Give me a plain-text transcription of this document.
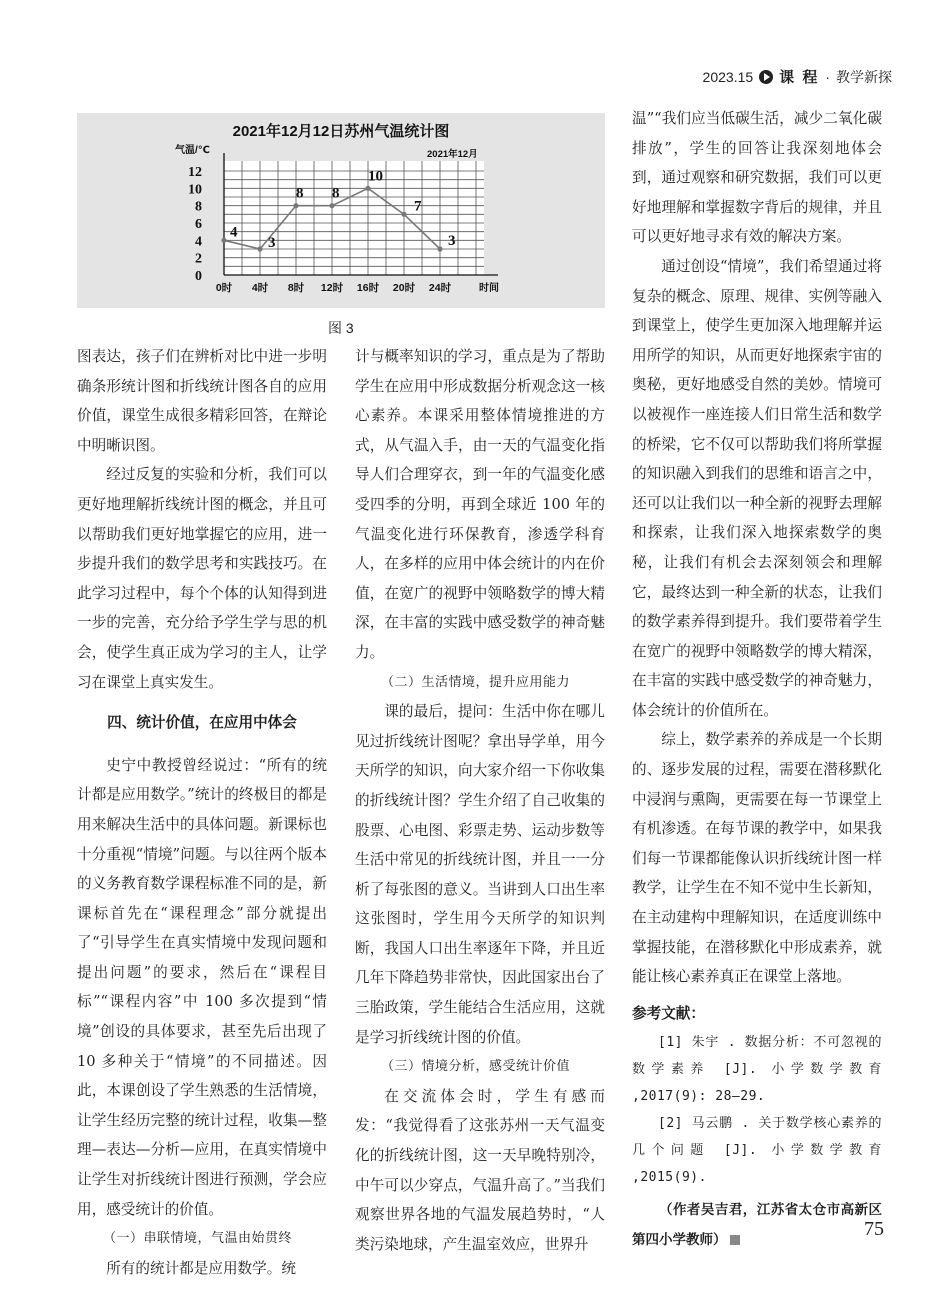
2023.15 课 程 · 教学新探
2021年12月12日苏州气温统计图
2021年12月
气温/℃
时间
0
2
4
6
8
10
12
0时 4时 8时 12时 16时 20时 24时
4
3
8 8
10
7
3
图 3

图表达，孩子们在辨析对比中进一步明确条形统计图和折线统计图各自的应用价值，课堂生成很多精彩回答，在辩论中明晰识图。

经过反复的实验和分析，我们可以更好地理解折线统计图的概念，并且可以帮助我们更好地掌握它的应用，进一步提升我们的数学思考和实践技巧。在此学习过程中，每个个体的认知得到进一步的完善，充分给予学生学与思的机会，使学生真正成为学习的主人，让学习在课堂上真实发生。

四、统计价值，在应用中体会

史宁中教授曾经说过：“所有的统计都是应用数学。”统计的终极目的都是用来解决生活中的具体问题。新课标也十分重视“情境”问题。与以往两个版本的义务教育数学课程标准不同的是，新课标首先在“课程理念”部分就提出了“引导学生在真实情境中发现问题和提出问题”的要求，然后在“课程目标”“课程内容”中 100 多次提到“情境”创设的具体要求，甚至先后出现了 10 多种关于“情境”的不同描述。因此，本课创设了学生熟悉的生活情境，让学生经历完整的统计过程，收集—整理—表达—分析—应用，在真实情境中让学生对折线统计图进行预测，学会应用，感受统计的价值。

（一）串联情境，气温由始贯终

所有的统计都是应用数学。统

计与概率知识的学习，重点是为了帮助学生在应用中形成数据分析观念这一核心素养。本课采用整体情境推进的方式，从气温入手，由一天的气温变化指导人们合理穿衣，到一年的气温变化感受四季的分明，再到全球近 100 年的气温变化进行环保教育，渗透学科育人，在多样的应用中体会统计的内在价值，在宽广的视野中领略数学的博大精深，在丰富的实践中感受数学的神奇魅力。

（二）生活情境，提升应用能力

课的最后，提问：生活中你在哪儿见过折线统计图呢？拿出导学单，用今天所学的知识，向大家介绍一下你收集的折线统计图？学生介绍了自己收集的股票、心电图、彩票走势、运动步数等生活中常见的折线统计图，并且一一分析了每张图的意义。当讲到人口出生率这张图时，学生用今天所学的知识判断，我国人口出生率逐年下降，并且近几年下降趋势非常快，因此国家出台了三胎政策，学生能结合生活应用，这就是学习折线统计图的价值。

（三）情境分析，感受统计价值

在交流体会时，学生有感而发：“我觉得看了这张苏州一天气温变化的折线统计图，这一天早晚特别冷，中午可以少穿点，气温升高了。”当我们观察世界各地的气温发展趋势时，“人类污染地球，产生温室效应，世界升

温”“我们应当低碳生活，减少二氧化碳排放”，学生的回答让我深刻地体会到，通过观察和研究数据，我们可以更好地理解和掌握数字背后的规律，并且可以更好地寻求有效的解决方案。

通过创设“情境”，我们希望通过将复杂的概念、原理、规律、实例等融入到课堂上，使学生更加深入地理解并运用所学的知识，从而更好地探索宇宙的奥秘，更好地感受自然的美妙。情境可以被视作一座连接人们日常生活和数学的桥梁，它不仅可以帮助我们将所掌握的知识融入到我们的思维和语言之中，还可以让我们以一种全新的视野去理解和探索，让我们深入地探索数学的奥秘，让我们有机会去深刻领会和理解它，最终达到一种全新的状态，让我们的数学素养得到提升。我们要带着学生在宽广的视野中领略数学的博大精深，在丰富的实践中感受数学的神奇魅力，体会统计的价值所在。

综上，数学素养的养成是一个长期的、逐步发展的过程，需要在潜移默化中浸润与熏陶，更需要在每一节课堂上有机渗透。在每节课的教学中，如果我们每一节课都能像认识折线统计图一样教学，让学生在不知不觉中生长新知，在主动建构中理解知识，在适度训练中掌握技能，在潜移默化中形成素养，就能让核心素养真正在课堂上落地。

参考文献：

[1] 朱宇 . 数据分析：不可忽视的数学素养 [J]. 小学数学教育 ,2017(9): 28–29.

[2] 马云鹏 . 关于数学核心素养的几个问题 [J]. 小学数学教育 ,2015(9).

（作者吴吉君，江苏省太仓市高新区第四小学教师）	75
